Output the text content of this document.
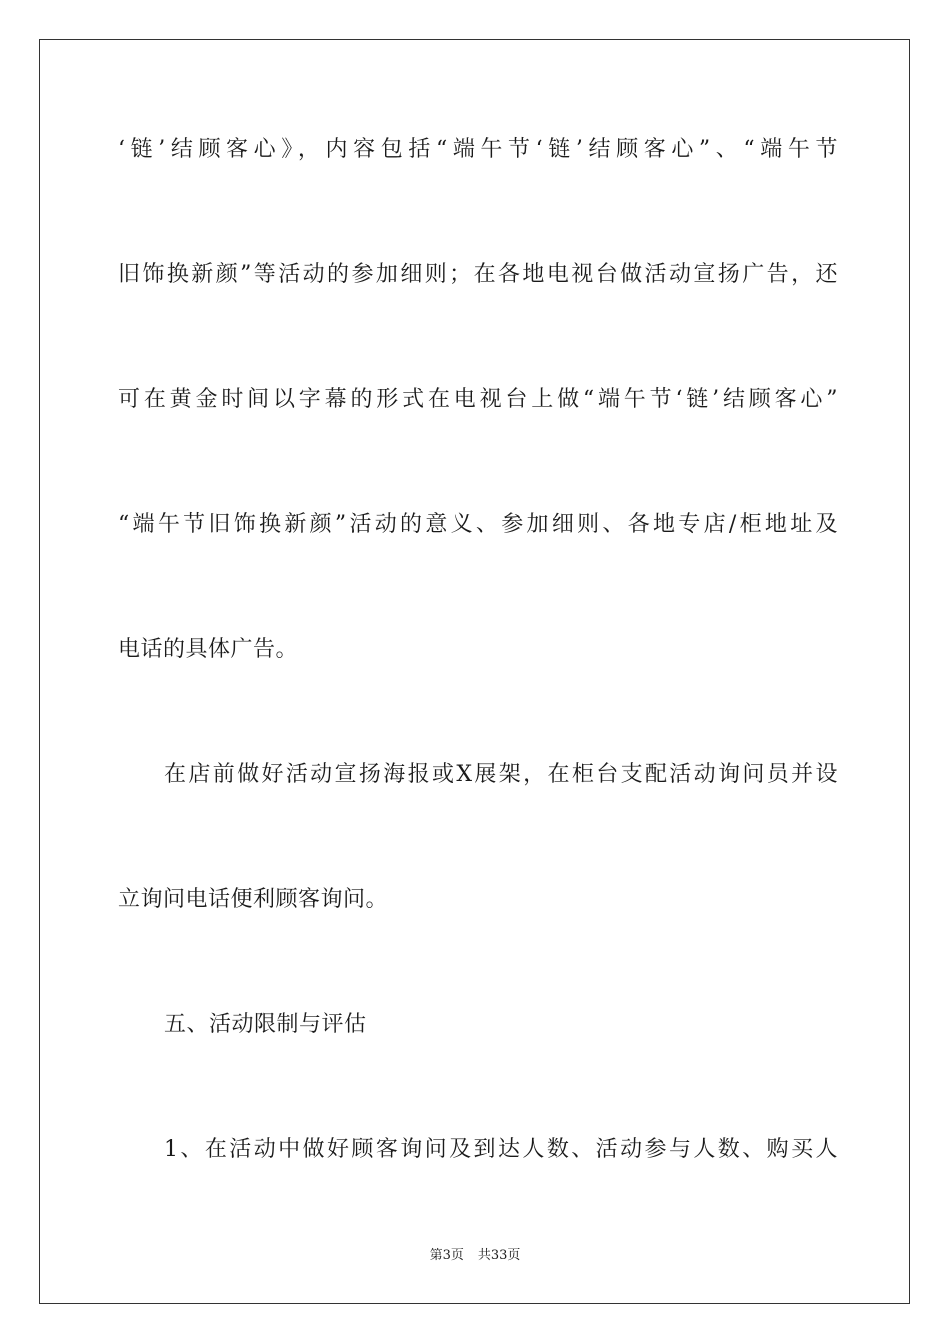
‘链’结顾客心》，内容包括“端午节‘链’结顾客心”、“端午节
旧饰换新颜”等活动的参加细则；在各地电视台做活动宣扬广告，还
可在黄金时间以字幕的形式在电视台上做“端午节‘链’结顾客心”
“端午节旧饰换新颜”活动的意义、参加细则、各地专店/柜地址及
电话的具体广告。
在店前做好活动宣扬海报或X展架，在柜台支配活动询问员并设
立询问电话便利顾客询问。
五、活动限制与评估
1、在活动中做好顾客询问及到达人数、活动参与人数、购买人
第3页 共33页
